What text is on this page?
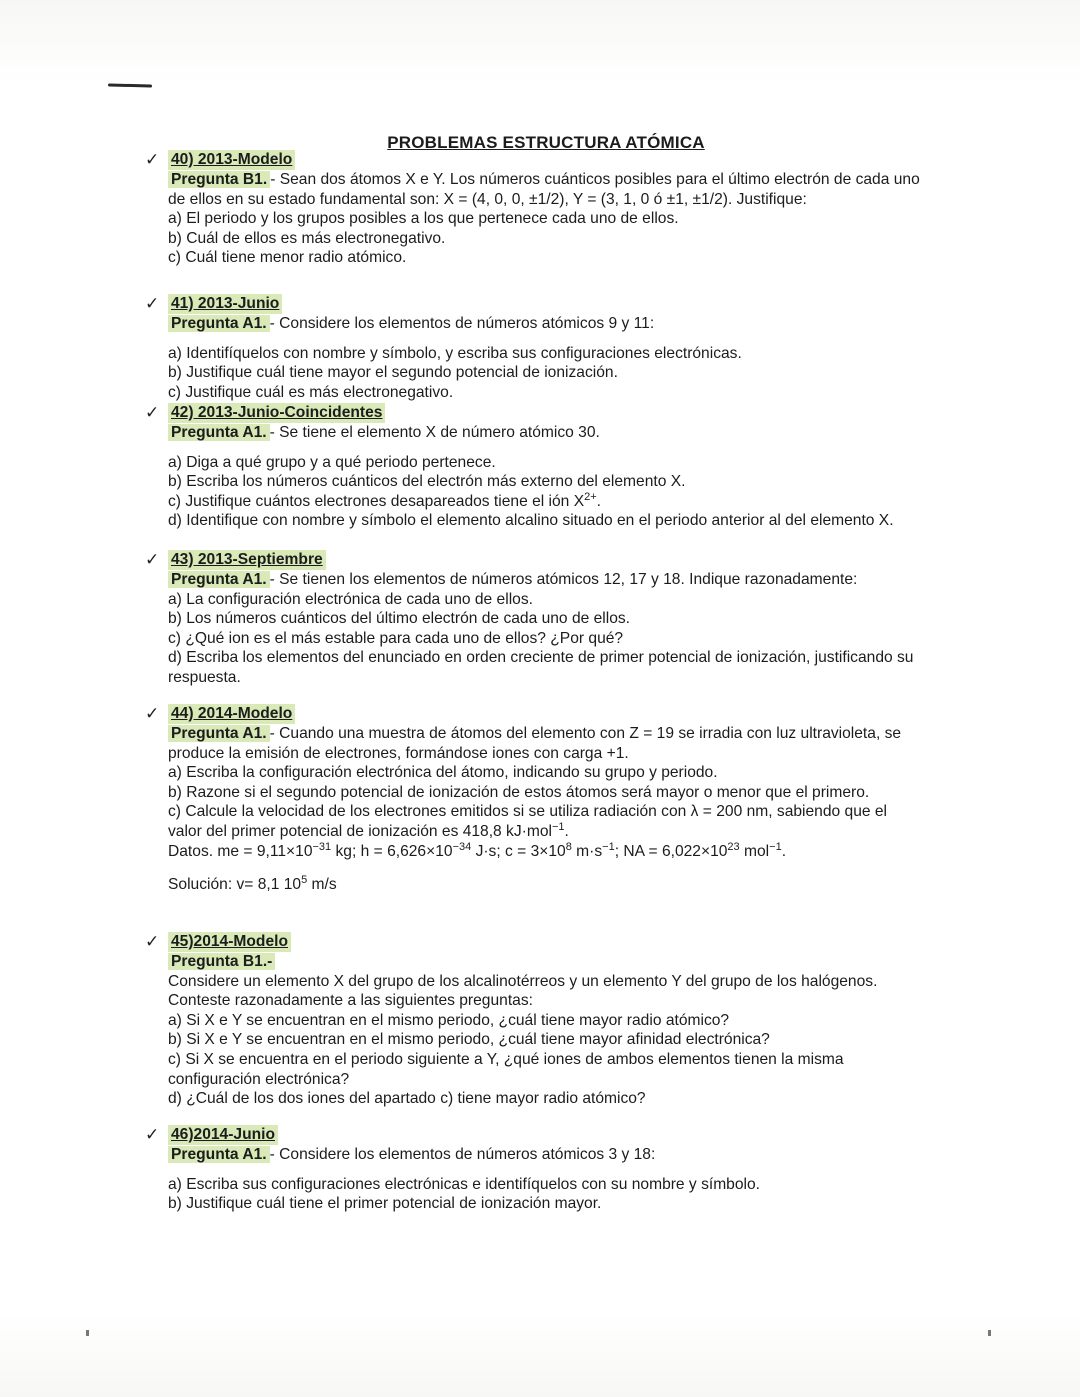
PROBLEMAS ESTRUCTURA ATÓMICA
✓ 40) 2013-Modelo
Pregunta B1. - Sean dos átomos X e Y. Los números cuánticos posibles para el último electrón de cada uno de ellos en su estado fundamental son: X = (4, 0, 0, ±1/2), Y = (3, 1, 0 ó ±1, ±1/2). Justifique:
a) El periodo y los grupos posibles a los que pertenece cada uno de ellos.
b) Cuál de ellos es más electronegativo.
c) Cuál tiene menor radio atómico.
✓ 41) 2013-Junio
Pregunta A1. - Considere los elementos de números atómicos 9 y 11:
a) Identifíquelos con nombre y símbolo, y escriba sus configuraciones electrónicas.
b) Justifique cuál tiene mayor el segundo potencial de ionización.
c) Justifique cuál es más electronegativo.
✓ 42) 2013-Junio-Coincidentes
Pregunta A1. - Se tiene el elemento X de número atómico 30.
a) Diga a qué grupo y a qué periodo pertenece.
b) Escriba los números cuánticos del electrón más externo del elemento X.
c) Justifique cuántos electrones desapareados tiene el ión $X^{2+}$.
d) Identifique con nombre y símbolo el elemento alcalino situado en el periodo anterior al del elemento X.
✓ 43) 2013-Septiembre
Pregunta A1. - Se tienen los elementos de números atómicos 12, 17 y 18. Indique razonadamente:
a) La configuración electrónica de cada uno de ellos.
b) Los números cuánticos del último electrón de cada uno de ellos.
c) ¿Qué ion es el más estable para cada uno de ellos? ¿Por qué?
d) Escriba los elementos del enunciado en orden creciente de primer potencial de ionización, justificando su respuesta.
✓ 44) 2014-Modelo
Pregunta A1. - Cuando una muestra de átomos del elemento con Z = 19 se irradia con luz ultravioleta, se produce la emisión de electrones, formándose iones con carga +1.
a) Escriba la configuración electrónica del átomo, indicando su grupo y periodo.
b) Razone si el segundo potencial de ionización de estos átomos será mayor o menor que el primero.
c) Calcule la velocidad de los electrones emitidos si se utiliza radiación con λ = 200 nm, sabiendo que el valor del primer potencial de ionización es 418,8 kJ·mol$^{-1}$.
Datos. me = $9,11\times 10^{-31}$ kg; $h = 6,626\times 10^{-34}$ J·s; $c = 3\times 10^8$ $m\cdot s^{-1}$; NA = $6,022\times 10^{23}$ mol$^{-1}$.
Solución: v= 8,1 $10^5$ m/s
✓ 45)2014-Modelo
Pregunta B1.-
Considere un elemento X del grupo de los alcalinotérreos y un elemento Y del grupo de los halógenos. Conteste razonadamente a las siguientes preguntas:
a) Si X e Y se encuentran en el mismo periodo, ¿cuál tiene mayor radio atómico?
b) Si X e Y se encuentran en el mismo periodo, ¿cuál tiene mayor afinidad electrónica?
c) Si X se encuentra en el periodo siguiente a Y, ¿qué iones de ambos elementos tienen la misma configuración electrónica?
d) ¿Cuál de los dos iones del apartado c) tiene mayor radio atómico?
✓ 46)2014-Junio
Pregunta A1. - Considere los elementos de números atómicos 3 y 18:
a) Escriba sus configuraciones electrónicas e identifíquelos con su nombre y símbolo.
b) Justifique cuál tiene el primer potencial de ionización mayor.
